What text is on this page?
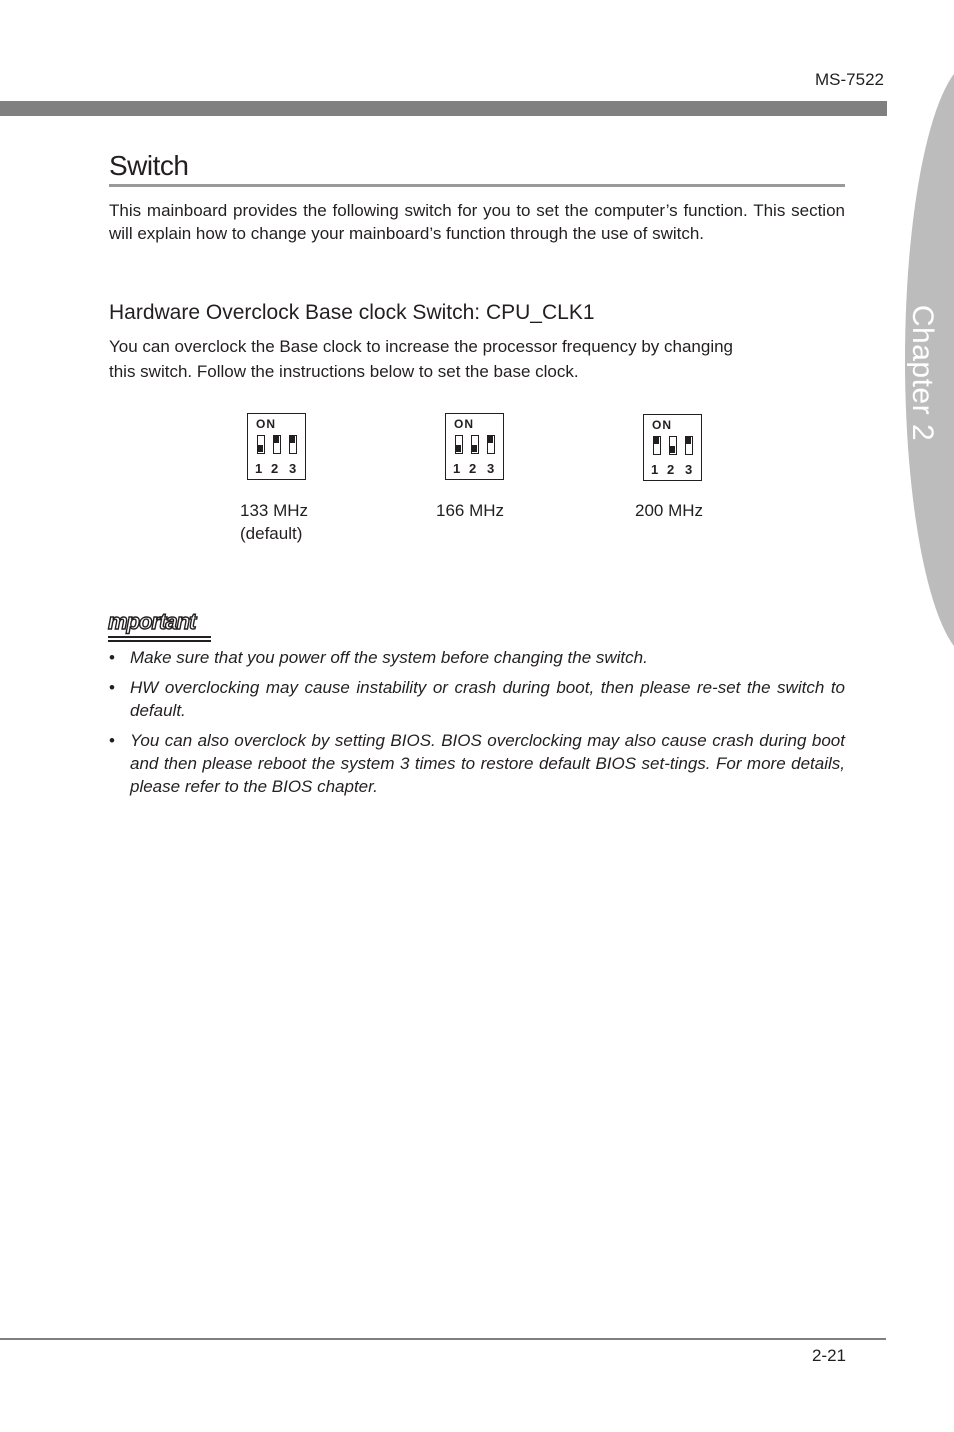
MS-7522
Chapter 2
Switch

This mainboard provides the following switch for you to set the computer’s function. This section will explain how to change your mainboard’s function through the use of switch.

Hardware Overclock Base clock Switch: CPU_CLK1

You can overclock the Base clock to increase the processor frequency by changing
this switch. Follow the instructions below to set the base clock.

ON
1 2 3
133 MHz
(default)
ON
1 2 3
166 MHz
ON
1 2 3
200 MHz
mportant
• Make sure that you power off the system before changing the switch.
• HW overclocking may cause instability or crash during boot, then please re-set the switch to default.
• You can also overclock by setting BIOS. BIOS overclocking may also cause crash during boot and then please reboot the system 3 times to restore default BIOS set-tings. For more details, please refer to the BIOS chapter.
2-21
